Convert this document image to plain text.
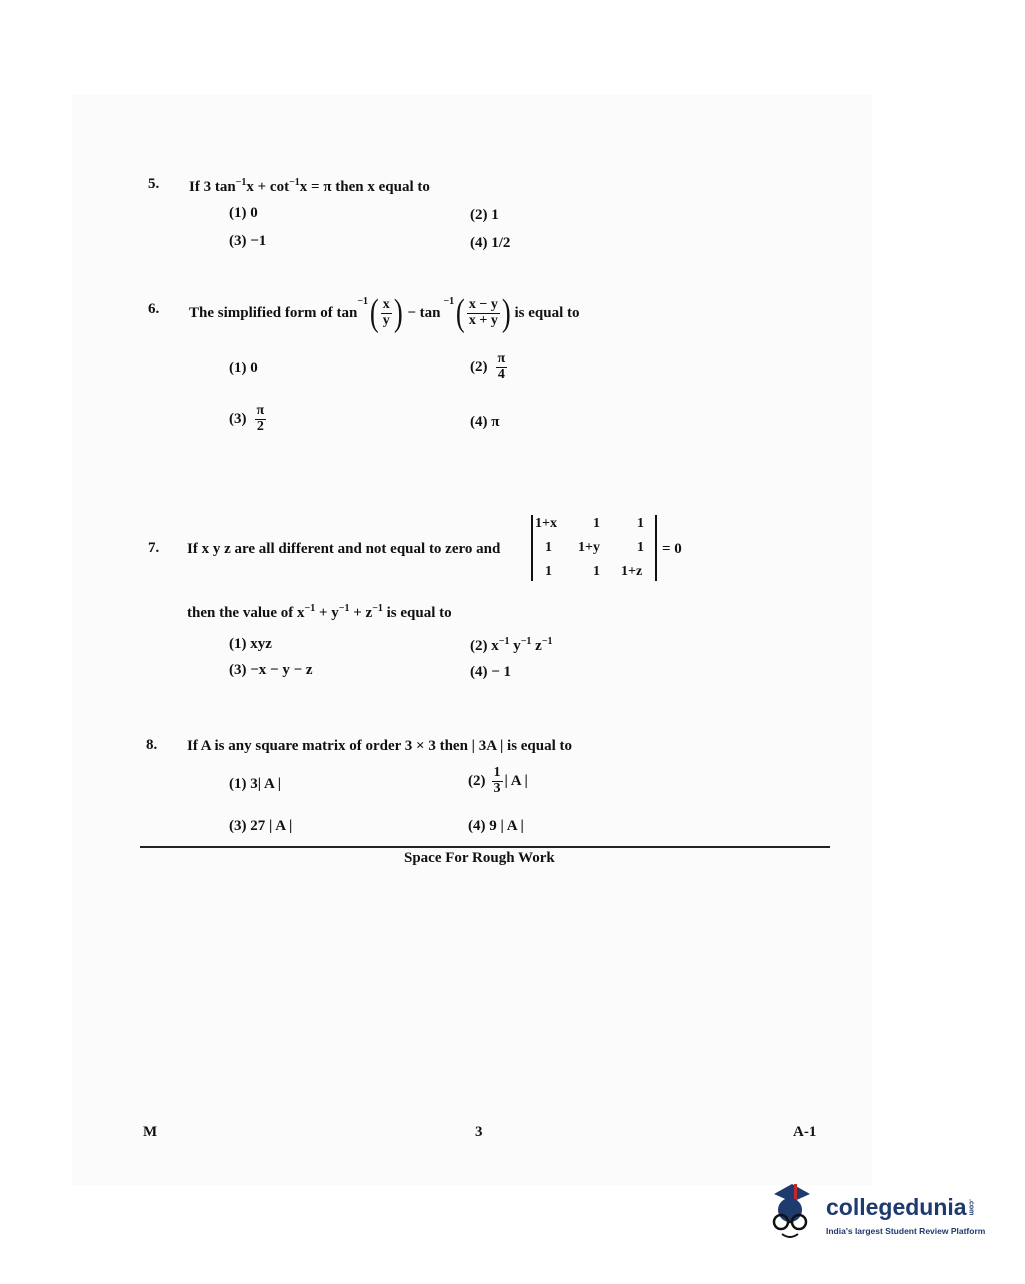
5. If 3 $\tan^{-1}x + \cot^{-1}x = \pi$ then x equal to
(1) 0	(2) 1
(3) −1	(4) 1/2
6. The simplified form of tan
$^{-1}$ ( $\frac{x}{y}$ ) − tan
$^{-1}$ ( $\frac{x - y}{x + y}$ ) is equal to
(1) 0	$(2) \frac{\pi}{4}$
$(3) \frac{\pi}{2}$	(4) π
7. If x y z are all different and not equal to zero and
1+x	1	1
1 1+y	1
1	1 1+z
= 0
then the value of $x^{-1} + y^{-1} + z^{-1}$ is equal to
(1) xyz	(2) $x^{-1}$ $y^{-1}$ $z^{-1}$
(3) −x − y − z	(4) − 1
8. If A is any square matrix of order 3 × 3 then | 3A | is equal to
(1) 3| A |	$(2) \frac{1}{3}$ | A |
(3) 27 | A |	(4) 9 | A |
Space For Rough Work
M	3	A-1
collegedunia.com
India's largest Student Review Platform
